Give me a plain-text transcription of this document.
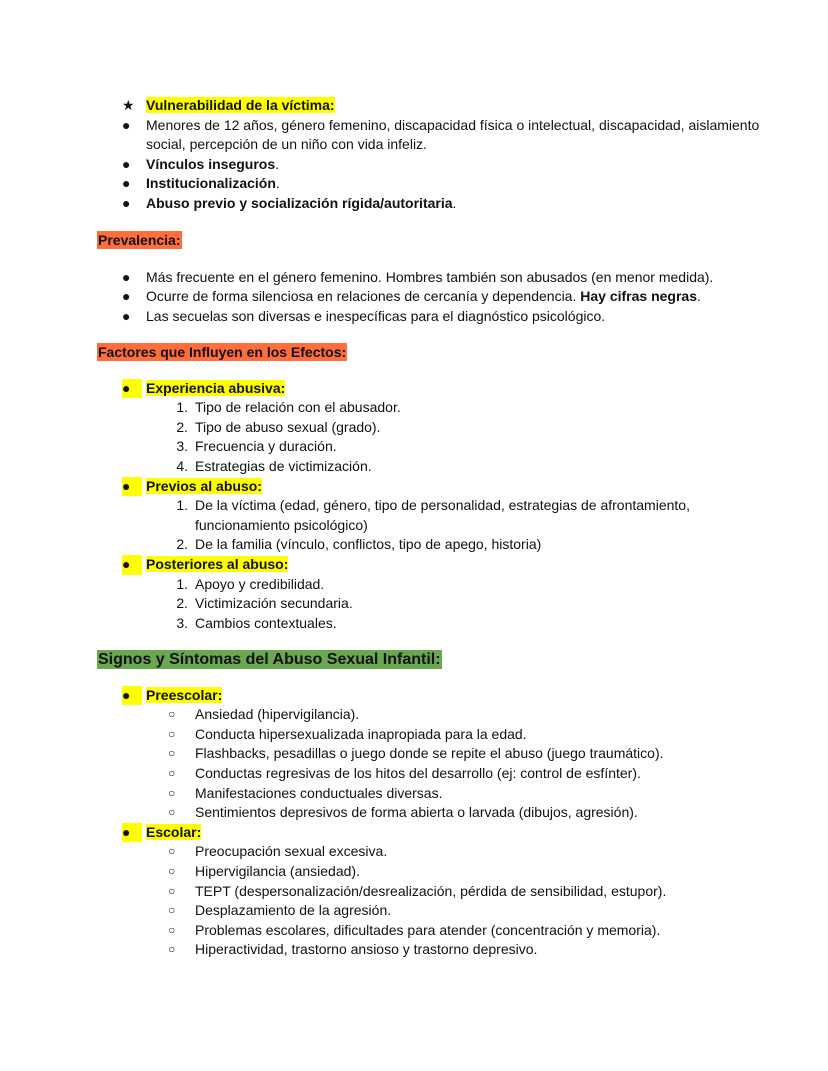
★ Vulnerabilidad de la víctima:
●	Menores de 12 años, género femenino, discapacidad física o intelectual, discapacidad, aislamiento social, percepción de un niño con vida infeliz.
●	Vínculos inseguros.
●	Institucionalización.
●	Abuso previo y socialización rígida/autoritaria.
Prevalencia:
●	Más frecuente en el género femenino. Hombres también son abusados (en menor medida).
●	Ocurre de forma silenciosa en relaciones de cercanía y dependencia. Hay cifras negras.
●	Las secuelas son diversas e inespecíficas para el diagnóstico psicológico.
Factores que Influyen en los Efectos:
●	Experiencia abusiva:
1. Tipo de relación con el abusador.
2. Tipo de abuso sexual (grado).
3. Frecuencia y duración.
4. Estrategias de victimización.
●	Previos al abuso:
1. De la víctima (edad, género, tipo de personalidad, estrategias de afrontamiento, funcionamiento psicológico)
2. De la familia (vínculo, conflictos, tipo de apego, historia)
●	Posteriores al abuso:
1. Apoyo y credibilidad.
2. Victimización secundaria.
3. Cambios contextuales.
Signos y Síntomas del Abuso Sexual Infantil:
●	Preescolar:
○ Ansiedad (hipervigilancia).
○ Conducta hipersexualizada inapropiada para la edad.
○ Flashbacks, pesadillas o juego donde se repite el abuso (juego traumático).
○ Conductas regresivas de los hitos del desarrollo (ej: control de esfínter).
○ Manifestaciones conductuales diversas.
○ Sentimientos depresivos de forma abierta o larvada (dibujos, agresión).
●	Escolar:
○ Preocupación sexual excesiva.
○ Hipervigilancia (ansiedad).
○ TEPT (despersonalización/desrealización, pérdida de sensibilidad, estupor).
○ Desplazamiento de la agresión.
○ Problemas escolares, dificultades para atender (concentración y memoria).
○ Hiperactividad, trastorno ansioso y trastorno depresivo.
